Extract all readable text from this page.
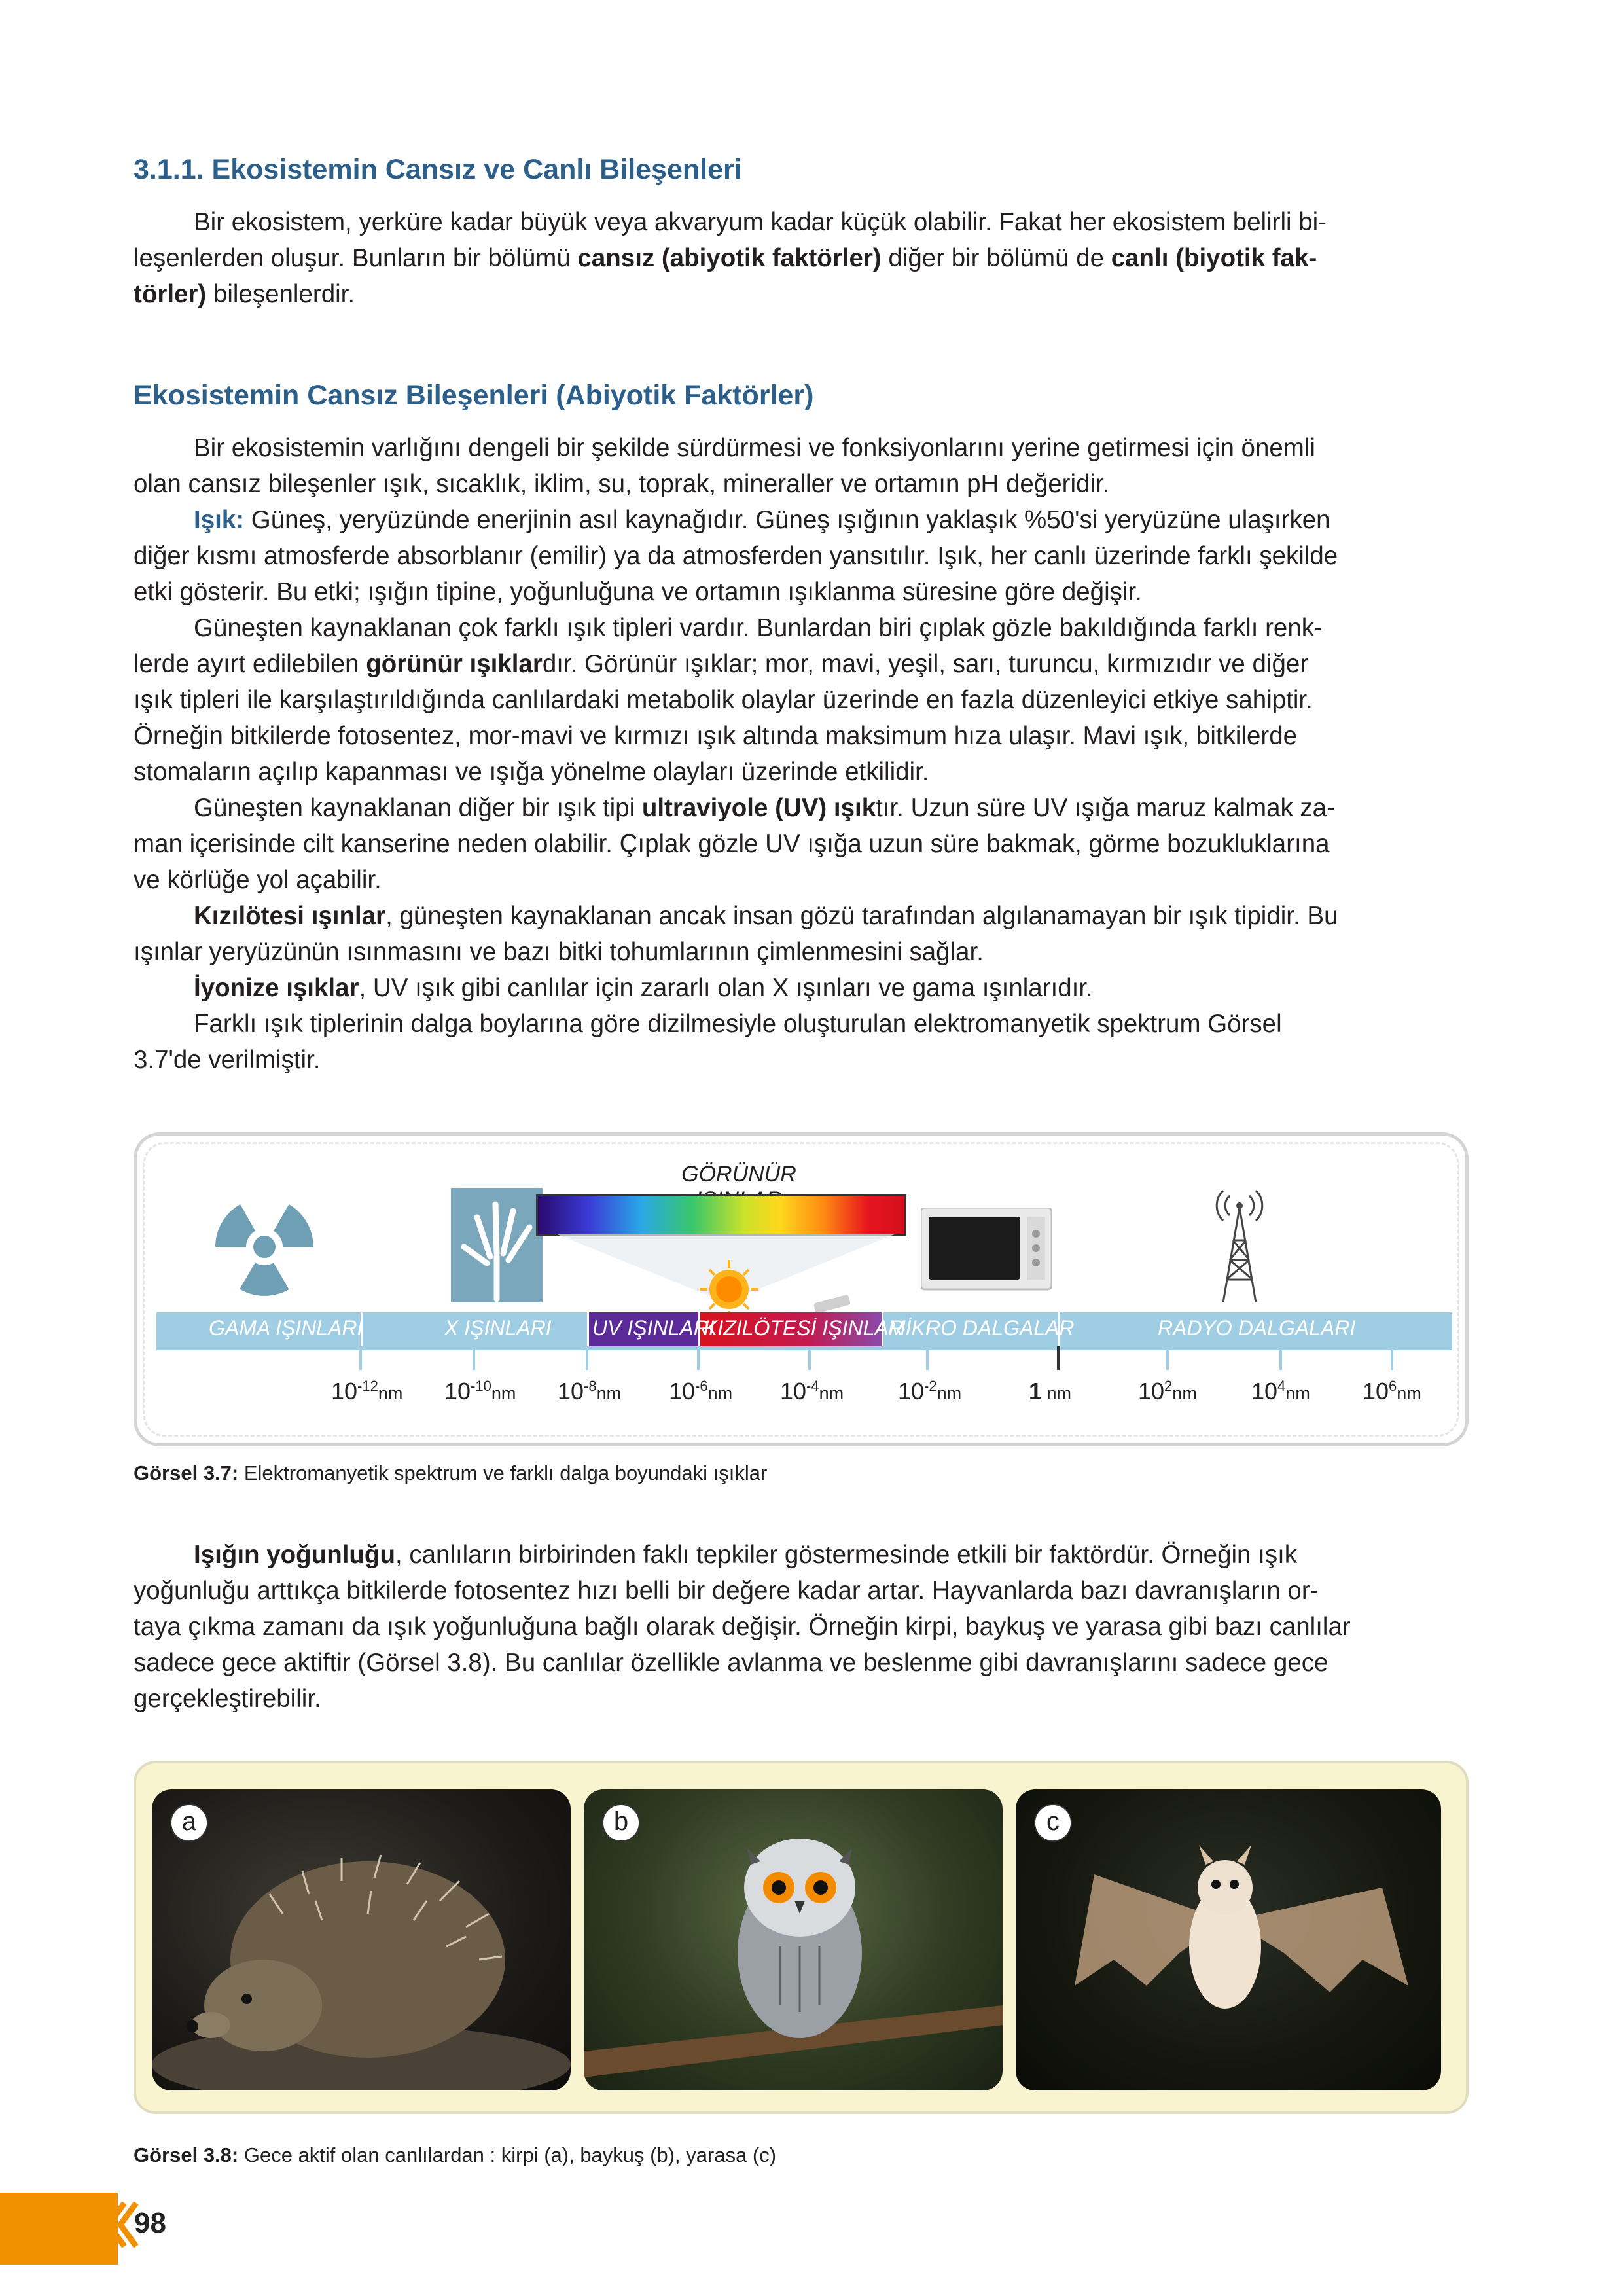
3.1.1. Ekosistemin Cansız ve Canlı Bileşenleri

Bir ekosistem, yerküre kadar büyük veya akvaryum kadar küçük olabilir. Fakat her ekosistem belirli bi-
leşenlerden oluşur. Bunların bir bölümü cansız (abiyotik faktörler) diğer bir bölümü de canlı (biyotik fak-
törler) bileşenlerdir.

Ekosistemin Cansız Bileşenleri (Abiyotik Faktörler)

Bir ekosistemin varlığını dengeli bir şekilde sürdürmesi ve fonksiyonlarını yerine getirmesi için önemli
olan cansız bileşenler ışık, sıcaklık, iklim, su, toprak, mineraller ve ortamın pH değeridir.
Işık: Güneş, yeryüzünde enerjinin asıl kaynağıdır. Güneş ışığının yaklaşık %50'si yeryüzüne ulaşırken
diğer kısmı atmosferde absorblanır (emilir) ya da atmosferden yansıtılır. Işık, her canlı üzerinde farklı şekilde
etki gösterir. Bu etki; ışığın tipine, yoğunluğuna ve ortamın ışıklanma süresine göre değişir.
Güneşten kaynaklanan çok farklı ışık tipleri vardır. Bunlardan biri çıplak gözle bakıldığında farklı renk-
lerde ayırt edilebilen görünür ışıklardır. Görünür ışıklar; mor, mavi, yeşil, sarı, turuncu, kırmızıdır ve diğer
ışık tipleri ile karşılaştırıldığında canlılardaki metabolik olaylar üzerinde en fazla düzenleyici etkiye sahiptir.
Örneğin bitkilerde fotosentez, mor-mavi ve kırmızı ışık altında maksimum hıza ulaşır. Mavi ışık, bitkilerde
stomaların açılıp kapanması ve ışığa yönelme olayları üzerinde etkilidir.
Güneşten kaynaklanan diğer bir ışık tipi ultraviyole (UV) ışıktır. Uzun süre UV ışığa maruz kalmak za-
man içerisinde cilt kanserine neden olabilir. Çıplak gözle UV ışığa uzun süre bakmak, görme bozukluklarına
ve körlüğe yol açabilir.
Kızılötesi ışınlar, güneşten kaynaklanan ancak insan gözü tarafından algılanamayan bir ışık tipidir. Bu
ışınlar yeryüzünün ısınmasını ve bazı bitki tohumlarının çimlenmesini sağlar.
İyonize ışıklar, UV ışık gibi canlılar için zararlı olan X ışınları ve gama ışınlarıdır.
Farklı ışık tiplerinin dalga boylarına göre dizilmesiyle oluşturulan elektromanyetik spektrum Görsel
3.7'de verilmiştir.

GÖRÜNÜR
GAMA IŞINLARI	X IŞINLARI UV IŞINLARI
KIZILÖTESİ IŞINLAR
MİKRO DALGALAR	RADYO DALGALARI
$10^{-12}nm$ $10^{-10}nm$ $10^{-8}nm$ $10^{-6}nm$ $10^{-4}nm$ $10^{-2}nm$	1 nm	$10^2nm$ $10^4nm$ $10^6nm$
Görsel 3.7: Elektromanyetik spektrum ve farklı dalga boyundaki ışıklar

Işığın yoğunluğu, canlıların birbirinden faklı tepkiler göstermesinde etkili bir faktördür. Örneğin ışık
yoğunluğu arttıkça bitkilerde fotosentez hızı belli bir değere kadar artar. Hayvanlarda bazı davranışların or-
taya çıkma zamanı da ışık yoğunluğuna bağlı olarak değişir. Örneğin kirpi, baykuş ve yarasa gibi bazı canlılar
sadece gece aktiftir (Görsel 3.8). Bu canlılar özellikle avlanma ve beslenme gibi davranışlarını sadece gece
gerçekleştirebilir.

a	b	c
Görsel 3.8: Gece aktif olan canlılardan : kirpi (a), baykuş (b), yarasa (c)
98
